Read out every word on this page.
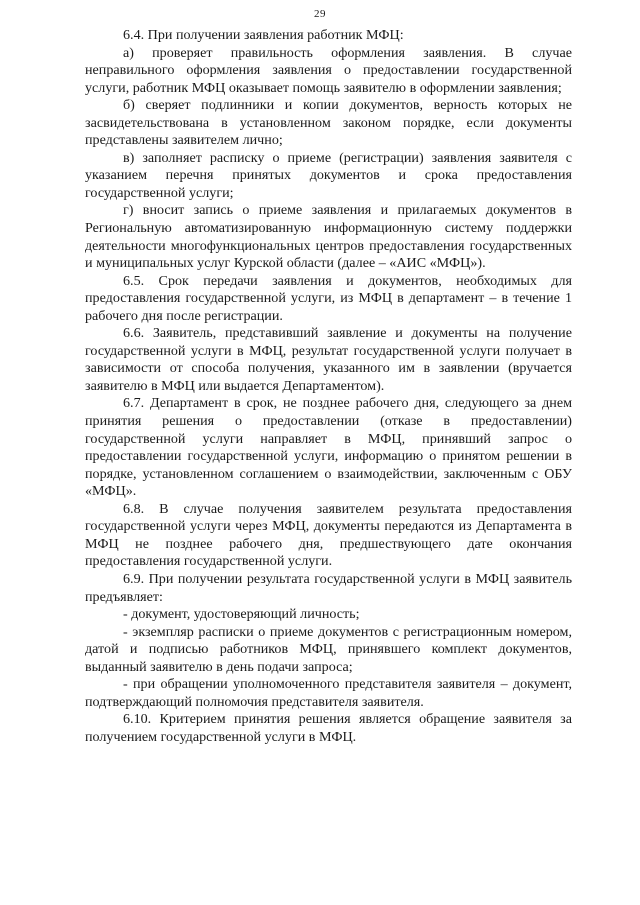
29

6.4. При получении заявления работник МФЦ:

а) проверяет правильность оформления заявления. В случае неправильного оформления заявления о предоставлении государственной услуги, работник МФЦ оказывает помощь заявителю в оформлении заявления;

б) сверяет подлинники и копии документов, верность которых не засвидетельствована в установленном законом порядке, если документы представлены заявителем лично;

в) заполняет расписку о приеме (регистрации) заявления заявителя с указанием перечня принятых документов и срока предоставления государственной услуги;

г) вносит запись о приеме заявления и прилагаемых документов в Региональную автоматизированную информационную систему поддержки деятельности многофункциональных центров предоставления государственных и муниципальных услуг Курской области (далее – «АИС «МФЦ»).

6.5. Срок передачи заявления и документов, необходимых для предоставления государственной услуги, из МФЦ в департамент – в течение 1 рабочего дня после регистрации.

6.6. Заявитель, представивший заявление и документы на получение государственной услуги в МФЦ, результат государственной услуги получает в зависимости от способа получения, указанного им в заявлении (вручается заявителю в МФЦ или выдается Департаментом).

6.7. Департамент в срок, не позднее рабочего дня, следующего за днем принятия решения о предоставлении (отказе в предоставлении) государственной услуги направляет в МФЦ, принявший запрос о предоставлении государственной услуги, информацию о принятом решении в порядке, установленном соглашением о взаимодействии, заключенным с ОБУ «МФЦ».

6.8. В случае получения заявителем результата предоставления государственной услуги через МФЦ, документы передаются из Департамента в МФЦ не позднее рабочего дня, предшествующего дате окончания предоставления государственной услуги.

6.9. При получении результата государственной услуги в МФЦ заявитель предъявляет:

- документ, удостоверяющий личность;

- экземпляр расписки о приеме документов с регистрационным номером, датой и подписью работников МФЦ, принявшего комплект документов, выданный заявителю в день подачи запроса;

- при обращении уполномоченного представителя заявителя – документ, подтверждающий полномочия представителя заявителя.

6.10. Критерием принятия решения является обращение заявителя за получением государственной услуги в МФЦ.
